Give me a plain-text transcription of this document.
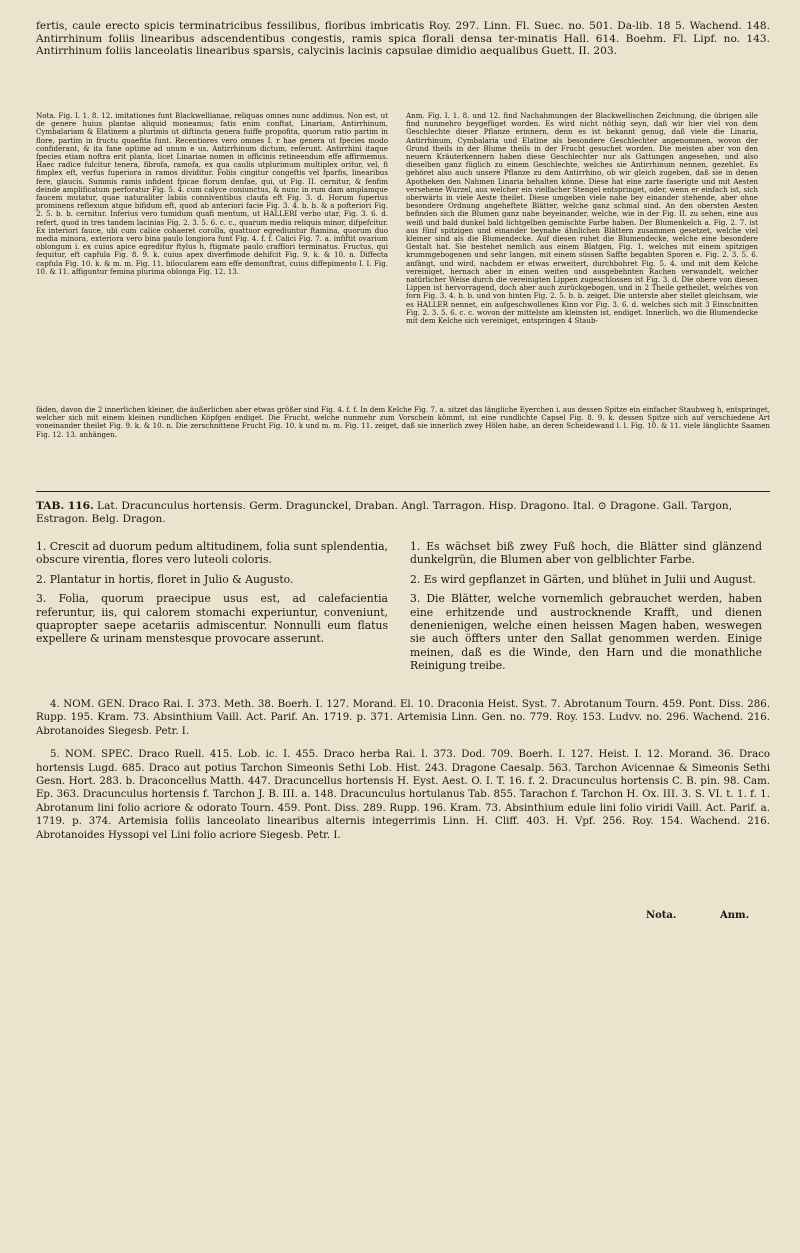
fertis, caule erecto spicis terminatricibus fessilibus, floribus imbricatis Roy. 297. Linn. Fl. Suec. no. 501. Da-lib. 18 5. Wachend. 148. Antirrhinum foliis linearibus adscendentibus congestis, ramis spica florali densa ter-minatis Hall. 614. Boehm. Fl. Lipf. no. 143. Antirrhinum foliis lanceolatis linearibus sparsis, calycinis lacinis capsulae dimidio aequalibus Guett. II. 203.

Nota. Fig. I. 1. 8. 12. imitationes funt Blackwellianae, reliquas omnes nunc addimus. Non est, ut de genere huius plantae aliquid moneamus; fatis enim conftat, Linariam, Antirrhinum, Cymbalariam & Elatinem a plurimis ut diftincta genera fuiffe propofita, quorum ratio partim in flore, partim in fructu quaefita funt. Recentiores vero omnes I. r hae genera ut fpecies modo confiderant, & ita fane optime ad unum e us, Antirrhinum dictum, referunt. Antirrhini itaque fpecies etiam noftra erit planta, licet Linariae nomen in officinis retineendum effe affirmemus. Haec radice fulcitur tenera, fibrofa, ramofa, ex qua caulis utplurimum multiplex oritur, vel, fi fimplex eft, verfus fuperiora in ramos dividitur. Foliis cingitur congeftis vel fparfis, linearibus fere, glaucis. Summis ramis infident fpicae florum denfae, qui, ut Fig. II. cernitur, & fenfim deinde amplificatum perforatur Fig. 5. 4. cum calyce coniunctus, & nunc in rum dam amplamque faucem mutatur, quae naturaliter labiis conniventibus claufa eft Fig. 3. d. Horum fuperius prominens reflexum atque bifidum eft, quod ab anteriori facie Fig. 3. 4. b. b. & a pofteriori Fig. 2. 5. b. b. cernitur. Inferius vero tumidum quafi mentum, ut HALLERI verbo utar, Fig. 3. 6. d. refert, quod in tres tandem lacinias Fig. 2. 3. 5. 6. c. c., quarum media reliquis minor, difpefcitur. Ex interiori fauce, ubi cum calice cohaeret corolla, quattuor egrediuntur ftamina, quorum duo media minora, exteriora vero bina paulo longiora funt Fig. 4. f. f. Calici Fig. 7. a. infiftit ovarium oblongum i. ex cuius apice egreditur ftylus h, ftigmate paulo craffiori terminatus. Fructus, qui fequitur, eft capfula Fig. 8. 9. k. cuius apex diverfimode dehifcit Fig. 9. k. & 10. n. Diffecta capfula Fig. 10. k. & m. m. Fig. 11. bilocularem eam effe demonftrat, cuius diffepimento I. I. Fig. 10. & 11. affiguntur femina plurima oblonga Fig. 12. 13.

Anm. Fig. I. 1. 8. und 12. find Nachahmungen der Blackwellischen Zeichnung, die übrigen alle find nunmehro beygefüget worden. Es wird nicht nöthig seyn, daß wir hier viel von dem Geschlechte dieser Pflanze erinnern, denn es ist bekannt genug, daß viele die Linaria, Antirrhinum, Cymbalaria und Elatine als besondere Geschlechter angenommen, wovon der Grund theils in der Blume theils in der Frucht gesuchet worden. Die meisten aber von den neuern Kräuterkennern haben diese Geschlechter nur als Gattungen angesehen, und also dieselben ganz füglich zu einem Geschlechte, welches sie Antirrhinum nennen, gezehlet. Es gehöret also auch unsere Pflanze zu dem Antirrhino, ob wir gleich zugeben, daß sie in denen Apotheken den Nahmen Linaria behalten könne. Diese hat eine zarte faserigte und mit Aesten versehene Wurzel, aus welcher ein vielfacher Stengel entspringet, oder, wenn er einfach ist, sich oberwärts in viele Aeste theilet. Diese umgeben viele nahe bey einander stehende, aber ohne besondere Ordnung angeheftete Blätter, welche ganz schmal sind. An den obersten Aesten befinden sich die Blumen ganz nahe beyeinander, welche, wie in der Fig. II. zu sehen, eine aus weiß und bald dunkel bald lichtgelben gemischte Farbe haben. Der Blumenkelch a. Fig. 2. 7. ist aus fünf spitzigen und einander beynahe ähnlichen Blättern zusammen gesetzet, welche viel kleiner sind als die Blumendecke. Auf diesen ruhet die Blumendecke, welche eine besondere Gestalt hat. Sie bestehet nemlich aus einem Blatgen, Fig. 1. welches mit einem spitzigen krummgebogenen und sehr langen, mit einem süssen Saffte begabten Sporen e. Fig. 2. 3. 5. 6. anfängt, und wird, nachdem er etwas erweitert, durchbohret Fig. 5. 4. und mit dem Kelche vereiniget, hernach aber in einen weiten und ausgebehnten Rachen verwandelt, welcher natürlicher Weise durch die vereinigten Lippen zugeschlossen ist Fig. 3. d. Die obere von diesen Lippen ist hervorragend, doch aber auch zurückgebogen, und in 2 Theile getheilet, welches von forn Fig. 3. 4. b. b. und von hinten Fig. 2. 5. b. b. zeiget. Die unterste aber stellet gleichsam, wie es HALLER nennet, ein aufgeschwollenes Kinn vor Fig. 3. 6. d. welches sich mit 3 Einschnitten Fig. 2. 3. 5. 6. c. c. wovon der mittelste am kleinsten ist, endiget. Innerlich, wo die Blumendecke mit dem Kelche sich vereiniget, entspringen 4 Staub-

fäden, davon die 2 innerlichen kleiner, die äußerlichen aber etwas größer sind Fig. 4. f. f. In dem Kelche Fig. 7. a. sitzet das längliche Eyerchen i. aus dessen Spitze ein einfacher Staubweg h, entspringet, welcher sich mit einem kleinen rundlichen Köpfgen endiget. Die Frucht, welche nunmehr zum Vorschein kömmt, ist eine rundlichte Capsel Fig. 8. 9. k. dessen Spitze sich auf verschiedene Art voneinander theilet Fig. 9. k. & 10. n. Die zerschnittene Frucht Fig. 10. k und m. m. Fig. 11. zeiget, daß sie innerlich zwey Hölen habe, an deren Scheidewand l. l. Fig. 10. & 11. viele länglichte Saamen Fig. 12. 13. anhängen.

TAB. 116. Lat. Dracunculus hortensis. Germ. Dragunckel, Draban. Angl. Tarragon. Hisp. Dragono. Ital. ⊙ Dragone. Gall. Targon, Estragon. Belg. Dragon.
1. Crescit ad duorum pedum altitudinem, folia sunt splendentia, obscure virentia, flores vero luteoli coloris.
2. Plantatur in hortis, floret in Julio & Augusto.
3. Folia, quorum praecipue usus est, ad calefacientia referuntur, iis, qui calorem stomachi experiuntur, conveniunt, quapropter saepe acetariis admiscentur. Nonnulli eum flatus expellere & urinam menstesque provocare asserunt.
1. Es wächset biß zwey Fuß hoch, die Blätter sind glänzend dunkelgrün, die Blumen aber von gelblichter Farbe.
2. Es wird gepflanzet in Gärten, und blühet in Julii und August.
3. Die Blätter, welche vornemlich gebrauchet werden, haben eine erhitzende und austrocknende Krafft, und dienen denenienigen, welche einen heissen Magen haben, weswegen sie auch öffters unter den Sallat genommen werden. Einige meinen, daß es die Winde, den Harn und die monathliche Reinigung treibe.

4. NOM. GEN. Draco Rai. I. 373. Meth. 38. Boerh. I. 127. Morand. El. 10. Draconia Heist. Syst. 7. Abrotanum Tourn. 459. Pont. Diss. 286. Rupp. 195. Kram. 73. Absinthium Vaill. Act. Parif. An. 1719. p. 371. Artemisia Linn. Gen. no. 779. Roy. 153. Ludvv. no. 296. Wachend. 216. Abrotanoides Siegesb. Petr. I.

5. NOM. SPEC. Draco Ruell. 415. Lob. ic. I. 455. Draco herba Rai. I. 373. Dod. 709. Boerh. I. 127. Heist. I. 12. Morand. 36. Draco hortensis Lugd. 685. Draco aut potius Tarchon Simeonis Sethi Lob. Hist. 243. Dragone Caesalp. 563. Tarchon Avicennae & Simeonis Sethi Gesn. Hort. 283. b. Draconcellus Matth. 447. Dracuncellus hortensis H. Eyst. Aest. O. I. T. 16. f. 2. Dracunculus hortensis C. B. pin. 98. Cam. Ep. 363. Dracunculus hortensis f. Tarchon J. B. III. a. 148. Dracunculus hortulanus Tab. 855. Tarachon f. Tarchon H. Ox. III. 3. S. VI. t. 1. f. 1. Abrotanum lini folio acriore & odorato Tourn. 459. Pont. Diss. 289. Rupp. 196. Kram. 73. Absinthium edule lini folio viridi Vaill. Act. Parif. a. 1719. p. 374. Artemisia foliis lanceolato linearibus alternis integerrimis Linn. H. Cliff. 403. H. Vpf. 256. Roy. 154. Wachend. 216. Abrotanoides Hyssopi vel Lini folio acriore Siegesb. Petr. I.

Nota.	Anm.
